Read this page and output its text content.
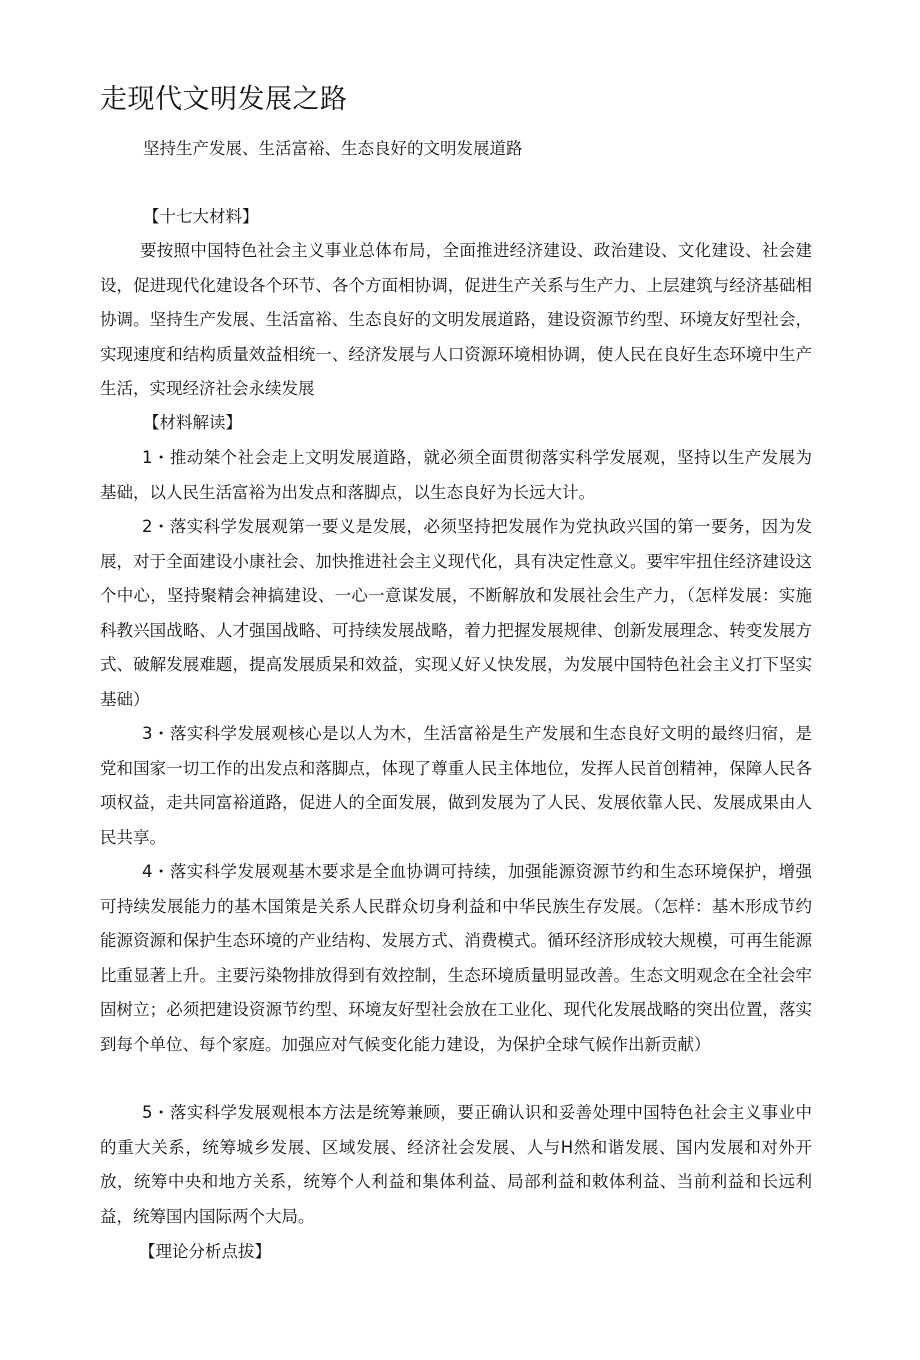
走现代文明发展之路
坚持生产发展、生活富裕、生态良好的文明发展道路
【十七大材料】
要按照中国特色社会主义事业总体布局，全面推进经济建设、政治建设、文化建设、社会建设，促进现代化建设各个环节、各个方面相协调，促进生产关系与生产力、上层建筑与经济基础相协调。坚持生产发展、生活富裕、生态良好的文明发展道路，建设资源节约型、环境友好型社会，实现速度和结构质量效益相统一、经济发展与人口资源环境相协调，使人民在良好生态环境中生产生活，实现经济社会永续发展
【材料解读】
1・推动桀个社会走上文明发展道路，就必须全面贯彻落实科学发展观，坚持以生产发展为基础，以人民生活富裕为出发点和落脚点，以生态良好为长远大计。
2・落实科学发展观第一要义是发展，必须坚持把发展作为党执政兴国的第一要务，因为发展，对于全面建设小康社会、加快推进社会主义现代化，具有决定性意义。要牢牢扭住经济建设这个中心，坚持聚精会神搞建设、一心一意谋发展，不断解放和发展社会生产力，（怎样发展：实施科教兴国战略、人才强国战略、可持续发展战略，着力把握发展规律、创新发展理念、转变发展方式、破解发展难题，提高发展质杲和效益，实现乂好乂快发展，为发展中国特色社会主义打下坚实基础）
3・落实科学发展观核心是以人为木，生活富裕是生产发展和生态良好文明的最终归宿，是党和国家一切工作的出发点和落脚点，体现了尊重人民主体地位，发挥人民首创精神，保障人民各项权益，走共同富裕道路，促进人的全面发展，做到发展为了人民、发展依靠人民、发展成果由人民共享。
4・落实科学发展观基木要求是全血协调可持续，加强能源资源节约和生态环境保护，增强可持续发展能力的基木国策是关系人民群众切身利益和中华民族生存发展。（怎样：基木形成节约能源资源和保护生态环境的产业结构、发展方式、消费模式。循环经济形成较大规模，可再生能源比重显著上升。主要污染物排放得到有效控制，生态环境质量明显改善。生态文明观念在全社会牢固树立；必须把建设资源节约型、环境友好型社会放在工业化、现代化发展战略的突出位置，落实到每个单位、每个家庭。加强应对气候变化能力建设，为保护全球气候作出新贡献）
5・落实科学发展观根本方法是统筹兼顾，要正确认识和妥善处理中国特色社会主义事业中的重大关系，统筹城乡发展、区域发展、经济社会发展、人与H然和谐发展、国内发展和对外开放，统筹中央和地方关系，统筹个人利益和集体利益、局部利益和敕体利益、当前利益和长远利益，统筹国内国际两个大局。
【理论分析点拔】
